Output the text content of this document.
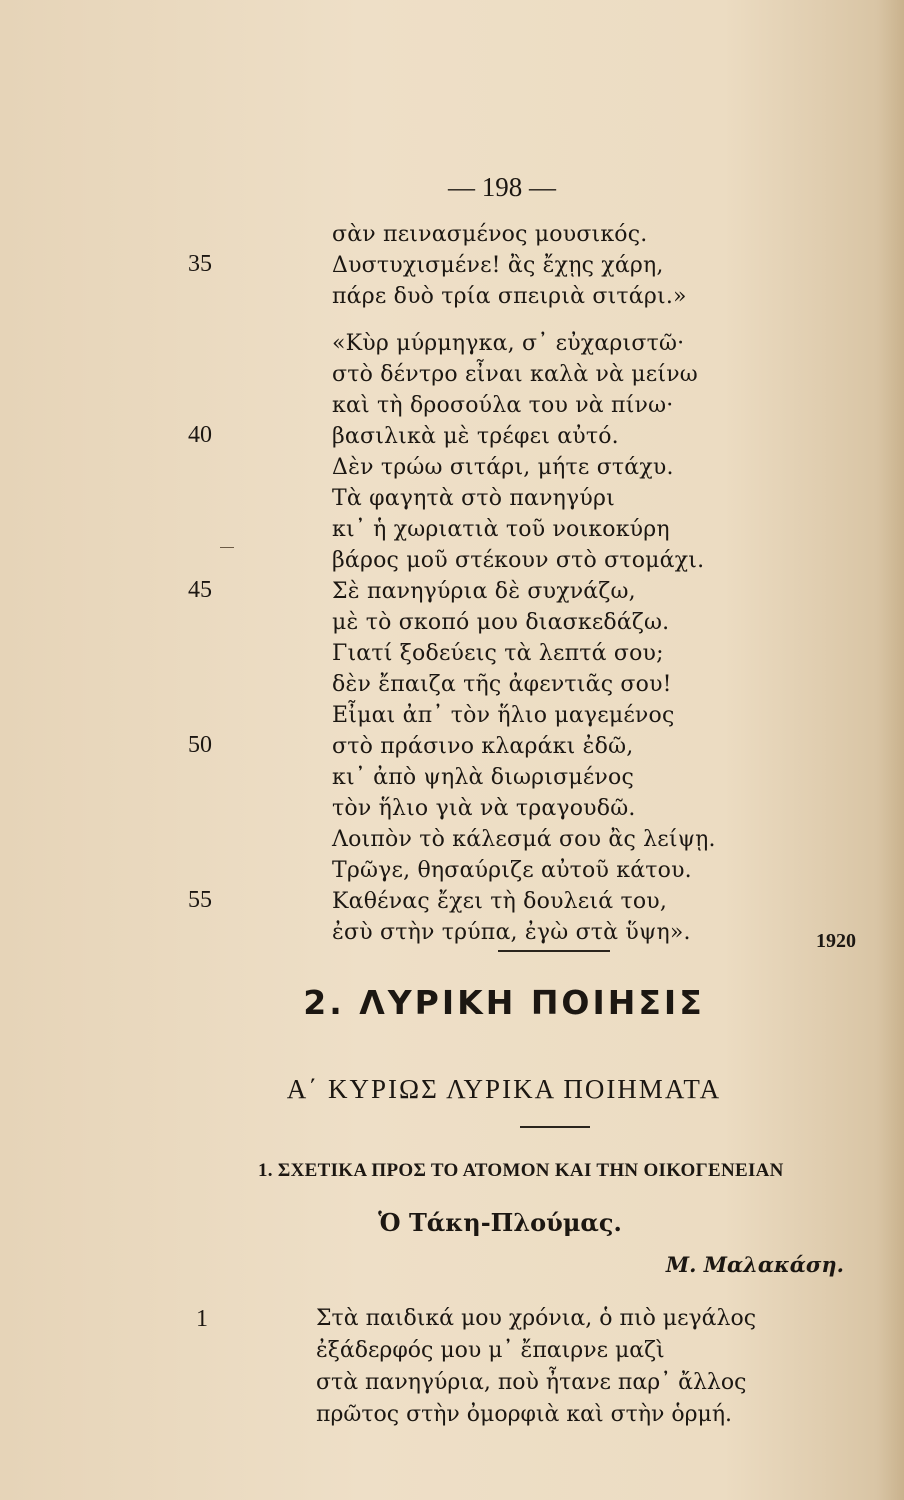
— 198 —
σὰν πεινασμένος μουσικός.
Δυστυχισμένε! ἂς ἔχῃς χάρη,
πάρε δυὸ τρία σπειριὰ σιτάρι.»
«Κὺρ μύρμηγκα, σ᾽ εὐχαριστῶ·
στὸ δέντρο εἶναι καλὰ νὰ μείνω
καὶ τὴ δροσούλα του νὰ πίνω·
βασιλικὰ μὲ τρέφει αὐτό.
Δὲν τρώω σιτάρι, μήτε στάχυ.
Τὰ φαγητὰ στὸ πανηγύρι
κι᾽ ἡ χωριατιὰ τοῦ νοικοκύρη
βάρος μοῦ στέκουν στὸ στομάχι.
Σὲ πανηγύρια δὲ συχνάζω,
μὲ τὸ σκοπό μου διασκεδάζω.
Γιατί ξοδεύεις τὰ λεπτά σου;
δὲν ἔπαιζα τῆς ἀφεντιᾶς σου!
Εἶμαι ἀπ᾽ τὸν ἥλιο μαγεμένος
στὸ πράσινο κλαράκι ἐδῶ,
κι᾽ ἀπὸ ψηλὰ διωρισμένος
τὸν ἥλιο γιὰ νὰ τραγουδῶ.
Λοιπὸν τὸ κάλεσμά σου ἂς λείψῃ.
Τρῶγε, θησαύριζε αὐτοῦ κάτου.
Καθένας ἔχει τὴ δουλειά του,
ἐσὺ στὴν τρύπα, ἐγὼ στὰ ὕψη».
35
40
45
50
55
1920
2. ΛΥΡΙΚΗ ΠΟΙΗΣΙΣ
Α΄ ΚΥΡΙΩΣ ΛΥΡΙΚΑ ΠΟΙΗΜΑΤΑ
1. ΣΧΕΤΙΚΑ ΠΡΟΣ ΤΟ ΑΤΟΜΟΝ ΚΑΙ ΤΗΝ ΟΙΚΟΓΕΝΕΙΑΝ
Ὁ Τάκη-Πλούμας.
Μ. Μαλακάση.
1	Στὰ παιδικά μου χρόνια, ὁ πιὸ μεγάλος
ἐξάδερφός μου μ᾽ ἔπαιρνε μαζὶ
στὰ πανηγύρια, ποὺ ἦτανε παρ᾽ ἄλλος
πρῶτος στὴν ὀμορφιὰ καὶ στὴν ὁρμή.
